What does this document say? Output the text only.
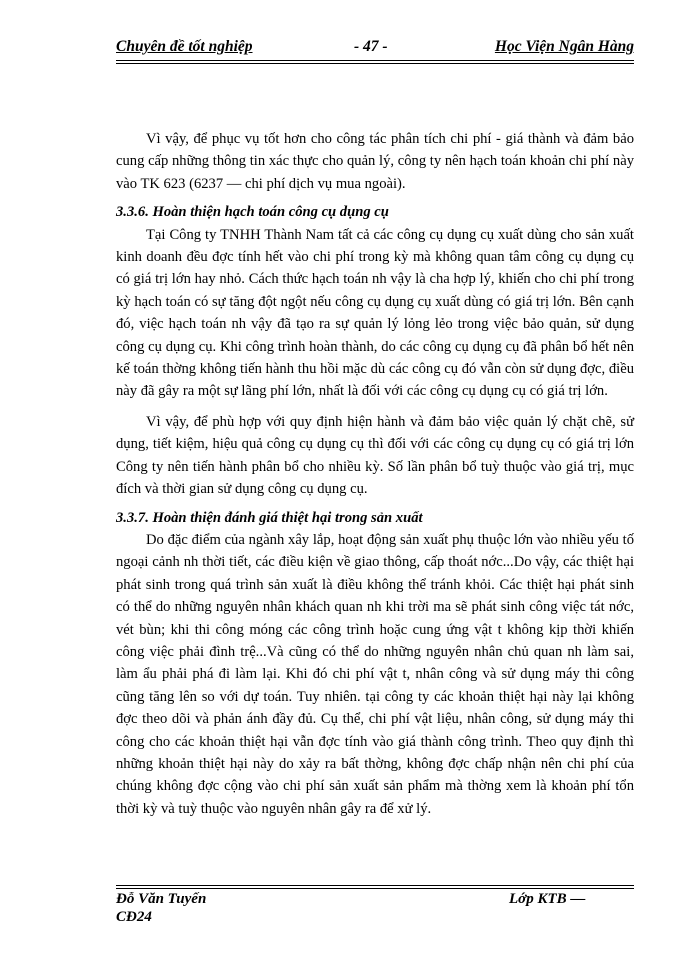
Chuyên đề tốt nghiệp	- 47 -	Học Viện Ngân Hàng

Vì vậy, để phục vụ tốt hơn cho công tác phân tích chi phí - giá thành và đảm bảo cung cấp những thông tin xác thực cho quản lý, công ty nên hạch toán khoản chi phí này vào TK 623 (6237 — chi phí dịch vụ mua ngoài).

3.3.6. Hoàn thiện hạch toán công cụ dụng cụ

Tại Công ty TNHH Thành Nam tất cả các công cụ dụng cụ xuất dùng cho sản xuất kinh doanh đều đợc tính hết vào chi phí trong kỳ mà không quan tâm công cụ dụng cụ có giá trị lớn hay nhỏ. Cách thức hạch toán nh vậy là cha hợp lý, khiến cho chi phí trong kỳ hạch toán có sự tăng đột ngột nếu công cụ dụng cụ xuất dùng có giá trị lớn. Bên cạnh đó, việc hạch toán nh vậy đã tạo ra sự quản lý lỏng lẻo trong việc bảo quản, sử dụng công cụ dụng cụ. Khi công trình hoàn thành, do các công cụ dụng cụ đã phân bổ hết nên kế toán thờng không tiến hành thu hồi mặc dù các công cụ đó vẫn còn sử dụng đợc, điều này đã gây ra một sự lãng phí lớn, nhất là đối với các công cụ dụng cụ có giá trị lớn.

Vì vậy, để phù hợp với quy định hiện hành và đảm bảo việc quản lý chặt chẽ, sử dụng, tiết kiệm, hiệu quả công cụ dụng cụ thì đối với các công cụ dụng cụ có giá trị lớn Công ty nên tiến hành phân bổ cho nhiều kỳ. Số lần phân bổ tuỳ thuộc vào giá trị, mục đích và thời gian sử dụng công cụ dụng cụ.

3.3.7. Hoàn thiện đánh giá thiệt hại trong sản xuất

Do đặc điểm của ngành xây lắp, hoạt động sản xuất phụ thuộc lớn vào nhiều yếu tố ngoại cảnh nh thời tiết, các điều kiện về giao thông, cấp thoát nớc...Do vậy, các thiệt hại phát sinh trong quá trình sản xuất là điều không thể tránh khỏi. Các thiệt hại phát sinh có thể do những nguyên nhân khách quan nh khi trời ma sẽ phát sinh công việc tát nớc, vét bùn; khi thi công móng các công trình hoặc cung ứng vật t không kịp thời khiến công việc phải đình trệ...Và cũng có thể do những nguyên nhân chủ quan nh làm sai, làm ẩu phải phá đi làm lại. Khi đó chi phí vật t, nhân công và sử dụng máy thi công cũng tăng lên so với dự toán. Tuy nhiên. tại công ty các khoản thiệt hại này lại không đợc theo dõi và phản ánh đầy đủ. Cụ thể, chi phí vật liệu, nhân công, sử dụng máy thi công cho các khoản thiệt hại vẫn đợc tính vào giá thành công trình. Theo quy định thì những khoản thiệt hại này do xảy ra bất thờng, không đợc chấp nhận nên chi phí của chúng không đợc cộng vào chi phí sản xuất sản phẩm mà thờng xem là khoản phí tổn thời kỳ và tuỳ thuộc vào nguyên nhân gây ra để xử lý.

Đỗ Văn Tuyến
CĐ24
Lớp KTB —
